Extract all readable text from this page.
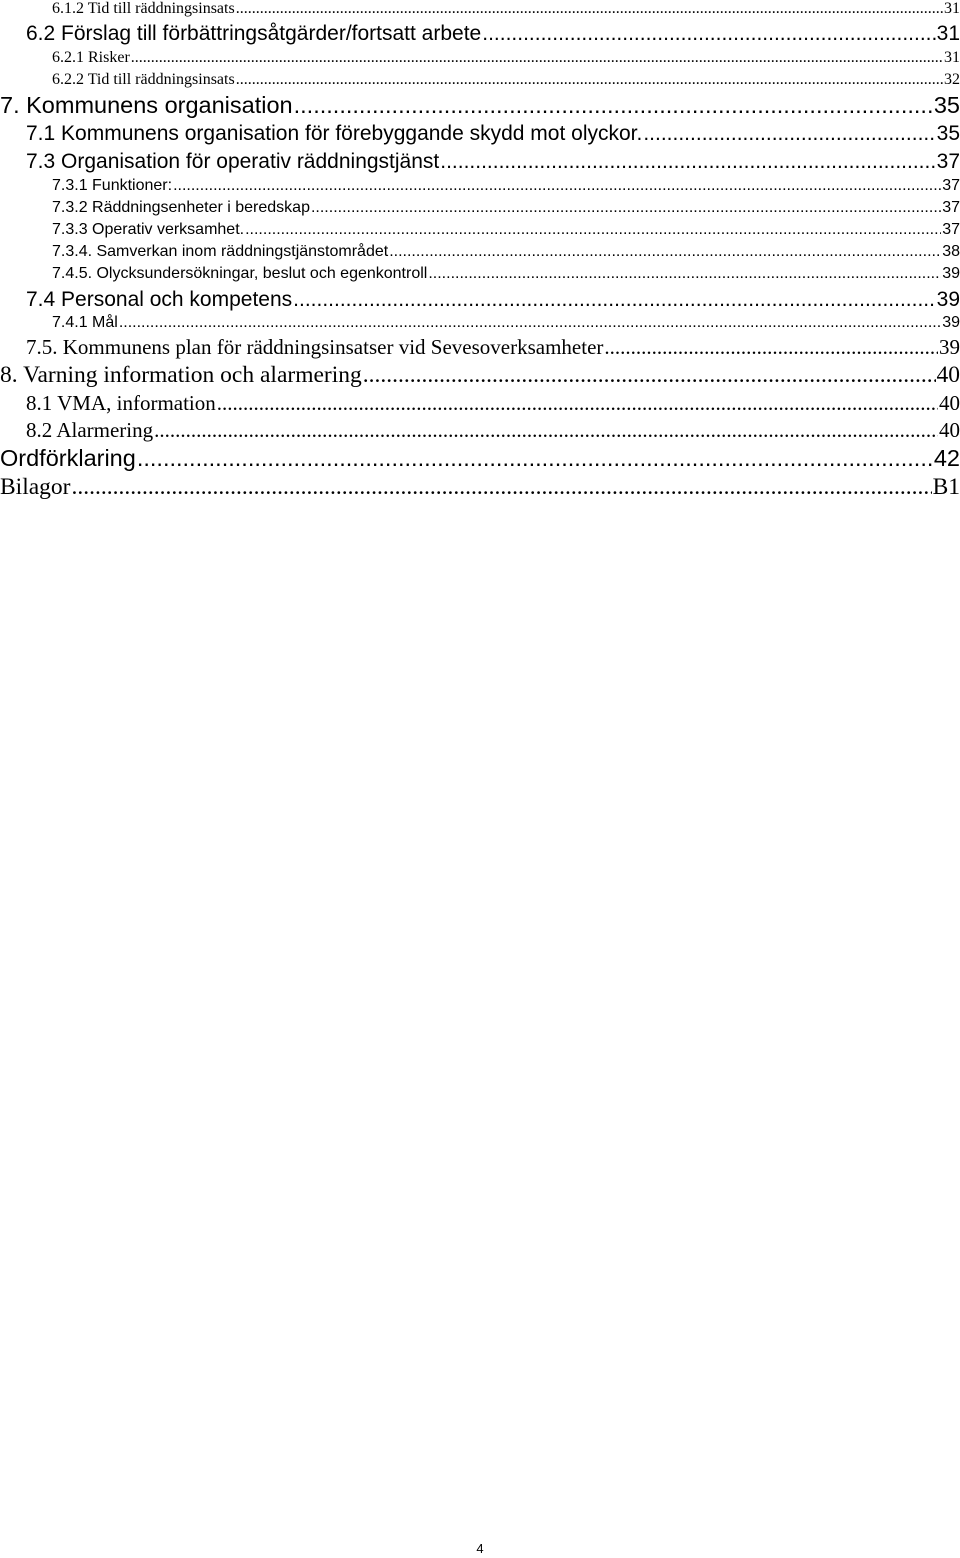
6.1.2 Tid till räddningsinsats .....	31
6.2 Förslag till förbättringsåtgärder/fortsatt arbete .....	31
6.2.1 Risker .....	31
6.2.2 Tid till räddningsinsats .....	32
7. Kommunens organisation .....	35
7.1 Kommunens organisation för förebyggande skydd mot olyckor. .....	35
7.3 Organisation för operativ räddningstjänst .....	37
7.3.1 Funktioner: .....	37
7.3.2 Räddningsenheter i beredskap .....	37
7.3.3 Operativ verksamhet. .....	37
7.3.4. Samverkan inom räddningstjänstområdet .....	38
7.4.5. Olycksundersökningar, beslut och egenkontroll .....	39
7.4 Personal och kompetens .....	39
7.4.1 Mål .....	39
7.5. Kommunens plan för räddningsinsatser vid Sevesoverksamheter .....	39
8. Varning information och alarmering .....	40
8.1 VMA, information .....	40
8.2 Alarmering .....	40
Ordförklaring .....	42
Bilagor .....	B1
4
